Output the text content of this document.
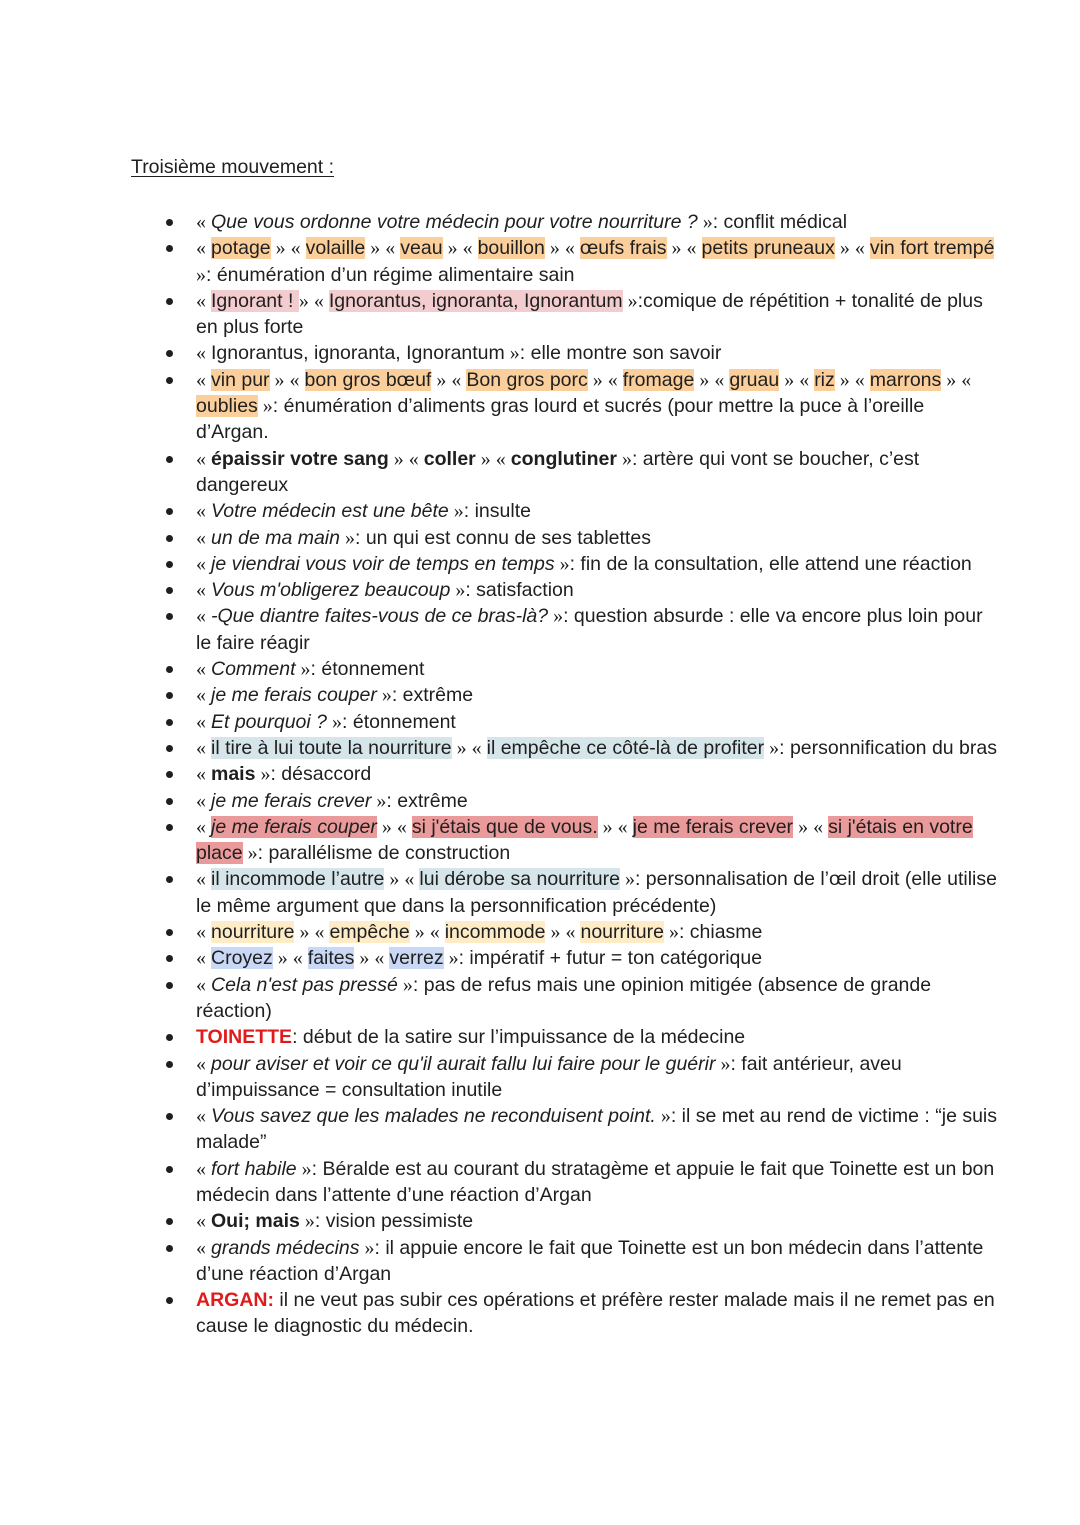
Troisième mouvement :
« Que vous ordonne votre médecin pour votre nourriture ? »: conflit médical
« potage » « volaille » « veau » « bouillon » « œufs frais » « petits pruneaux » « vin fort trempé »: énumération d’un régime alimentaire sain
« Ignorant ! » « Ignorantus, ignoranta, Ignorantum »:comique de répétition + tonalité de plus en plus forte
« Ignorantus, ignoranta, Ignorantum »: elle montre son savoir
« vin pur » « bon gros bœuf » « Bon gros porc » « fromage » « gruau » « riz » « marrons » « oublies »: énumération d’aliments gras lourd et sucrés (pour mettre la puce à l’oreille d’Argan.
« épaissir votre sang » « coller » « conglutiner »: artère qui vont se boucher, c’est dangereux
« Votre médecin est une bête »: insulte
« un de ma main »: un qui est connu de ses tablettes
« je viendrai vous voir de temps en temps »: fin de la consultation, elle attend une réaction
« Vous m'obligerez beaucoup »: satisfaction
« -Que diantre faites-vous de ce bras-là? »: question absurde : elle va encore plus loin pour le faire réagir
« Comment »: étonnement
« je me ferais couper »: extrême
« Et pourquoi ? »: étonnement
« il tire à lui toute la nourriture » « il empêche ce côté-là de profiter »: personnification du bras
« mais »: désaccord
« je me ferais crever »: extrême
« je me ferais couper » « si j'étais que de vous. » « je me ferais crever » « si j'étais en votre place »: parallélisme de construction
« il incommode l’autre » « lui dérobe sa nourriture »: personnalisation de l’œil droit (elle utilise le même argument que dans la personnification précédente)
« nourriture » « empêche » « incommode » « nourriture »: chiasme
« Croyez » « faites » « verrez »: impératif + futur = ton catégorique
« Cela n'est pas pressé »: pas de refus mais une opinion mitigée (absence de grande réaction)
TOINETTE: début de la satire sur l’impuissance de la médecine
« pour aviser et voir ce qu'il aurait fallu lui faire pour le guérir »: fait antérieur, aveu d’impuissance = consultation inutile
« Vous savez que les malades ne reconduisent point. »: il se met au rend de victime : “je suis malade”
« fort habile »: Béralde est au courant du stratagème et appuie le fait que Toinette est un bon médecin dans l’attente d’une réaction d’Argan
« Oui; mais »: vision pessimiste
« grands médecins »: il appuie encore le fait que Toinette est un bon médecin dans l’attente d’une réaction d’Argan
ARGAN: il ne veut pas subir ces opérations et préfère rester malade mais il ne remet pas en cause le diagnostic du médecin.
